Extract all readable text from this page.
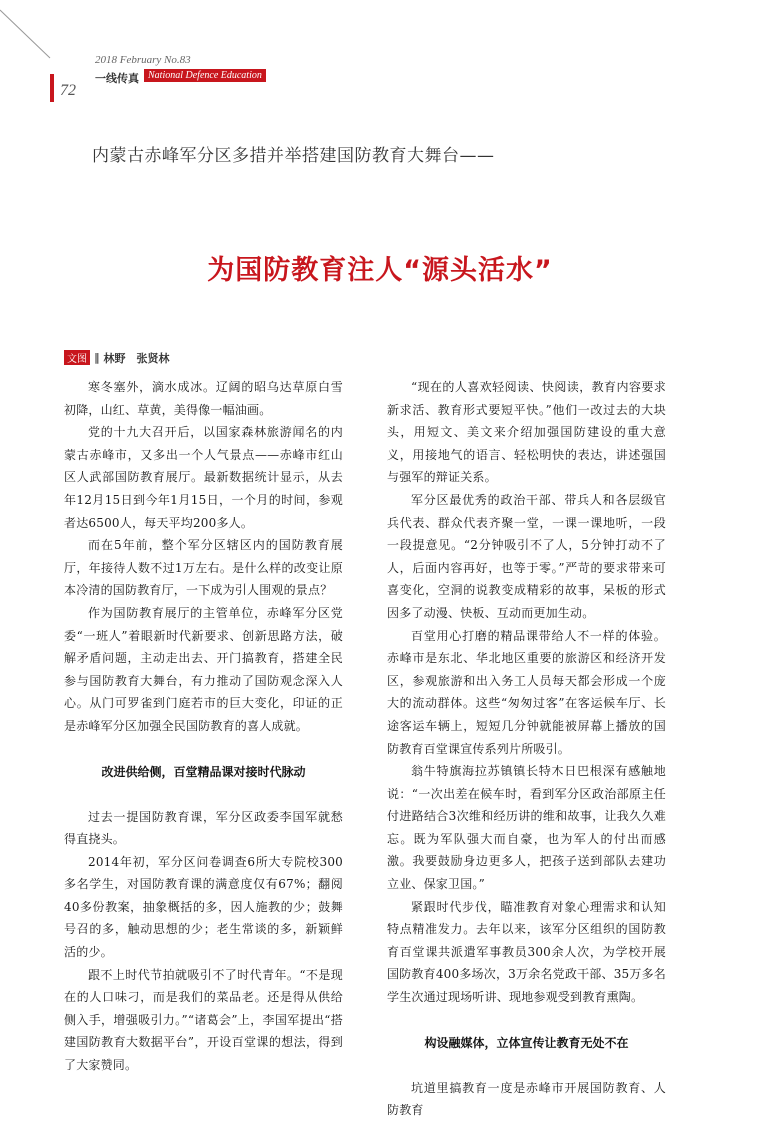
2018 February No.83
一线传真 National Defence Education
72
内蒙古赤峰军分区多措并举搭建国防教育大舞台——
为国防教育注人“源头活水”
文图 ‖ 林野　张贤林

寒冬塞外，滴水成冰。辽阔的昭乌达草原白雪初降，山红、草黄，美得像一幅油画。

党的十九大召开后，以国家森林旅游闻名的内蒙古赤峰市，又多出一个人气景点——赤峰市红山区人武部国防教育展厅。最新数据统计显示，从去年12月15日到今年1月15日，一个月的时间，参观者达6500人，每天平均200多人。

而在5年前，整个军分区辖区内的国防教育展厅，年接待人数不过1万左右。是什么样的改变让原本冷清的国防教育厅，一下成为引人围观的景点？

作为国防教育展厅的主管单位，赤峰军分区党委“一班人”着眼新时代新要求、创新思路方法，破解矛盾问题，主动走出去、开门搞教育，搭建全民参与国防教育大舞台，有力推动了国防观念深入人心。从门可罗雀到门庭若市的巨大变化，印证的正是赤峰军分区加强全民国防教育的喜人成就。

改进供给侧，百堂精品课对接时代脉动

过去一提国防教育课，军分区政委李国军就愁得直挠头。

2014年初，军分区问卷调查6所大专院校300多名学生，对国防教育课的满意度仅有67%；翻阅40多份教案，抽象概括的多，因人施教的少；鼓舞号召的多，触动思想的少；老生常谈的多，新颖鲜活的少。

跟不上时代节拍就吸引不了时代青年。“不是现在的人口味刁，而是我们的菜品老。还是得从供给侧入手，增强吸引力。”“诸葛会”上，李国军提出“搭建国防教育大数据平台”，开设百堂课的想法，得到了大家赞同。

“现在的人喜欢轻阅读、快阅读，教育内容要求新求活、教育形式要短平快。”他们一改过去的大块头，用短文、美文来介绍加强国防建设的重大意义，用接地气的语言、轻松明快的表达，讲述强国与强军的辩证关系。

军分区最优秀的政治干部、带兵人和各层级官兵代表、群众代表齐聚一堂，一课一课地听，一段一段提意见。“2分钟吸引不了人，5分钟打动不了人，后面内容再好，也等于零。”严苛的要求带来可喜变化，空洞的说教变成精彩的故事，呆板的形式因多了动漫、快板、互动而更加生动。

百堂用心打磨的精品课带给人不一样的体验。赤峰市是东北、华北地区重要的旅游区和经济开发区，参观旅游和出入务工人员每天都会形成一个庞大的流动群体。这些“匆匆过客”在客运候车厅、长途客运车辆上，短短几分钟就能被屏幕上播放的国防教育百堂课宣传系列片所吸引。

翁牛特旗海拉苏镇镇长特木日巴根深有感触地说：“一次出差在候车时，看到军分区政治部原主任付进路结合3次维和经历讲的维和故事，让我久久难忘。既为军队强大而自豪，也为军人的付出而感激。我要鼓励身边更多人，把孩子送到部队去建功立业、保家卫国。”

紧跟时代步伐，瞄准教育对象心理需求和认知特点精准发力。去年以来，该军分区组织的国防教育百堂课共派遣军事教员300余人次，为学校开展国防教育400多场次，3万余名党政干部、35万多名学生次通过现场听讲、现地参观受到教育熏陶。

构设融媒体，立体宣传让教育无处不在

坑道里搞教育一度是赤峰市开展国防教育、人防教育
